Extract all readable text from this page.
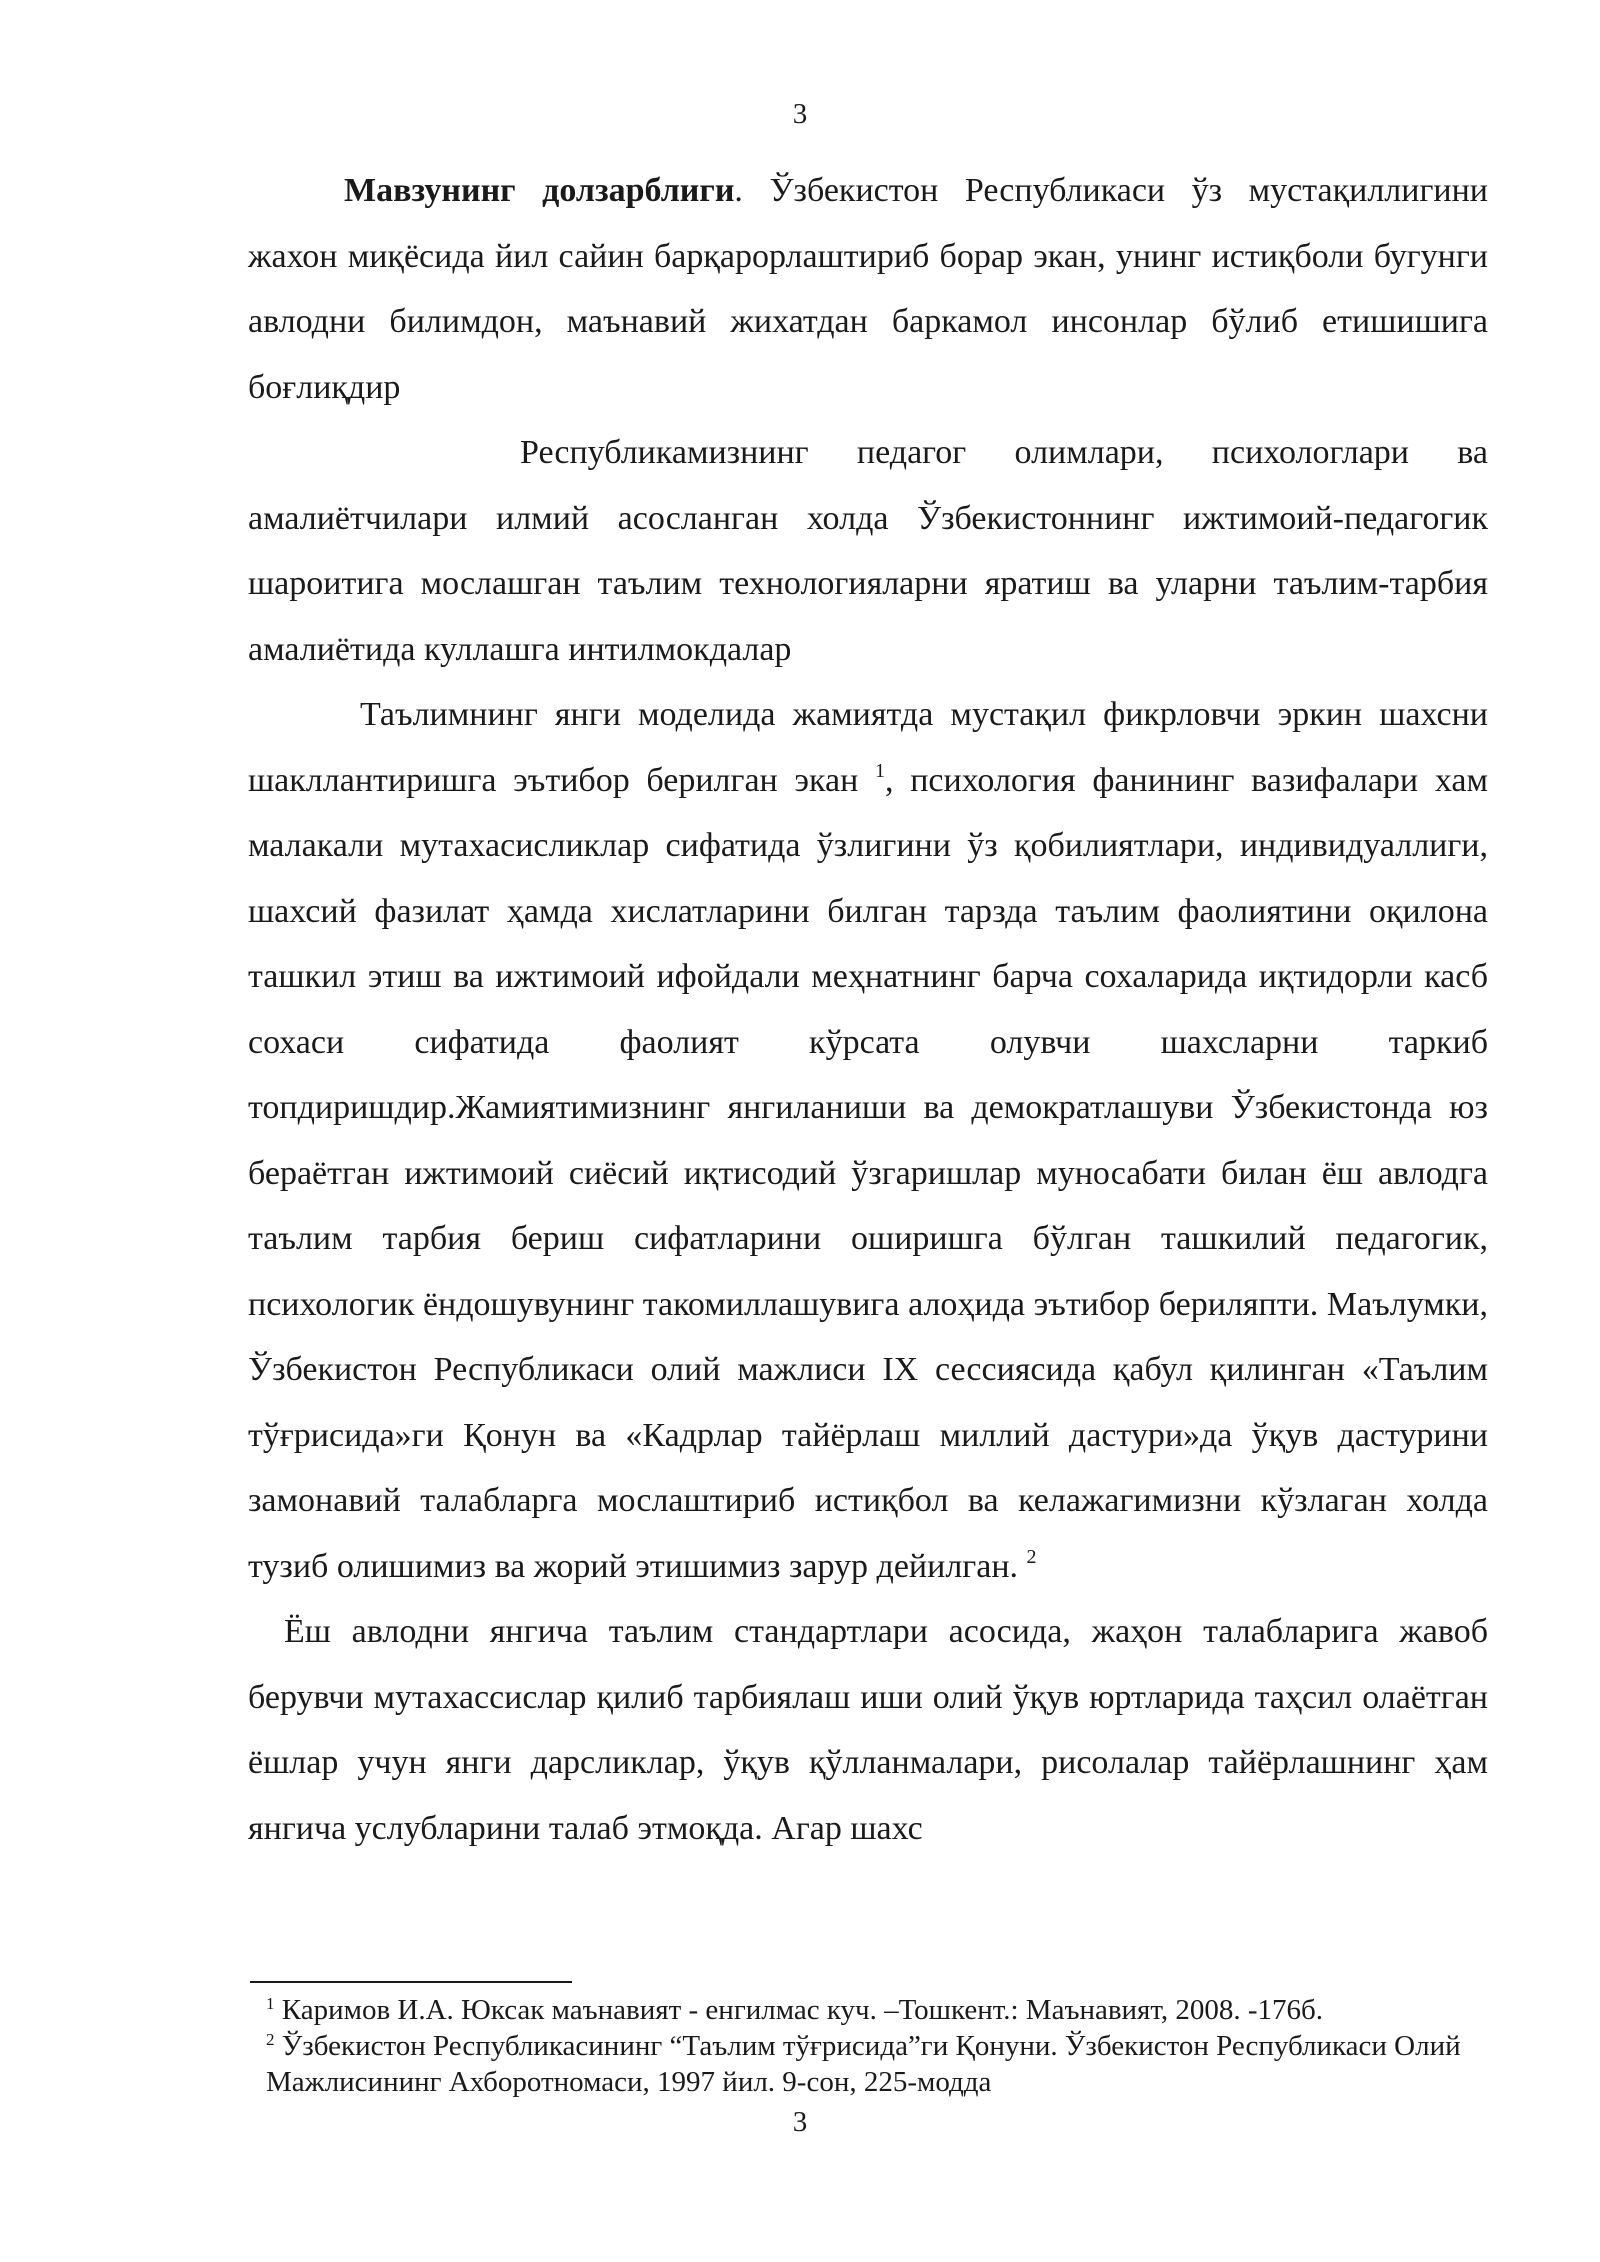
3

Мавзунинг долзарблиги. Ўзбекистон Республикаси ўз мустақиллигини жахон миқёсида йил сайин барқарорлаштириб борар экан, унинг истиқболи бугунги авлодни билимдон, маънавий жихатдан баркамол инсонлар бўлиб етишишига боғлиқдир

Республикамизнинг педагог олимлари, психологлари ва амалиётчилари илмий асосланган холда Ўзбекистоннинг ижтимоий-педагогик шароитига мослашган таълим технологияларни яратиш ва уларни таълим-тарбия амалиётида куллашга интилмокдалар

Таълимнинг янги моделида жамиятда мустақил фикрловчи эркин шахсни шакллантиришга эътибор берилган экан $^1$, психология фанининг вазифалари хам малакали мутахасисликлар сифатида ўзлигини ўз қобилиятлари, индивидуаллиги, шахсий фазилат ҳамда хислатларини билган тарзда таълим фаолиятини оқилона ташкил этиш ва ижтимоий ифойдали меҳнатнинг барча сохаларида иқтидорли касб сохаси сифатида фаолият кўрсата олувчи шахсларни таркиб топдиришдир.Жамиятимизнинг янгиланиши ва демократлашуви Ўзбекистонда юз бераётган ижтимоий сиёсий иқтисодий ўзгаришлар муносабати билан ёш авлодга таълим тарбия бериш сифатларини оширишга бўлган ташкилий педагогик, психологик ёндошувунинг такомиллашувига алоҳида эътибор бериляпти. Маълумки, Ўзбекистон Республикаси олий мажлиси IX сессиясида қабул қилинган «Таълим тўғрисида»ги Қонун ва «Кадрлар тайёрлаш миллий дастури»да ўқув дастурини замонавий талабларга мослаштириб истиқбол ва келажагимизни кўзлаган холда тузиб олишимиз ва жорий этишимиз зарур дейилган. $^2$

Ёш авлодни янгича таълим стандартлари асосида, жаҳон талабларига жавоб берувчи мутахассислар қилиб тарбиялаш иши олий ўқув юртларида таҳсил олаётган ёшлар учун янги дарсликлар, ўқув қўлланмалари, рисолалар тайёрлашнинг ҳам янгича услубларини талаб этмоқда. Агар шахс

$^1$ Каримов И.А. Юксак маънавият - енгилмас куч. –Тошкент.: Маънавият, 2008. -176б.

$^2$ Ўзбекистон Республикасининг “Таълим тўғрисида”ги Қонуни. Ўзбекистон Республикаси Олий Мажлисининг Ахборотномаси, 1997 йил. 9-сон, 225-модда

3
